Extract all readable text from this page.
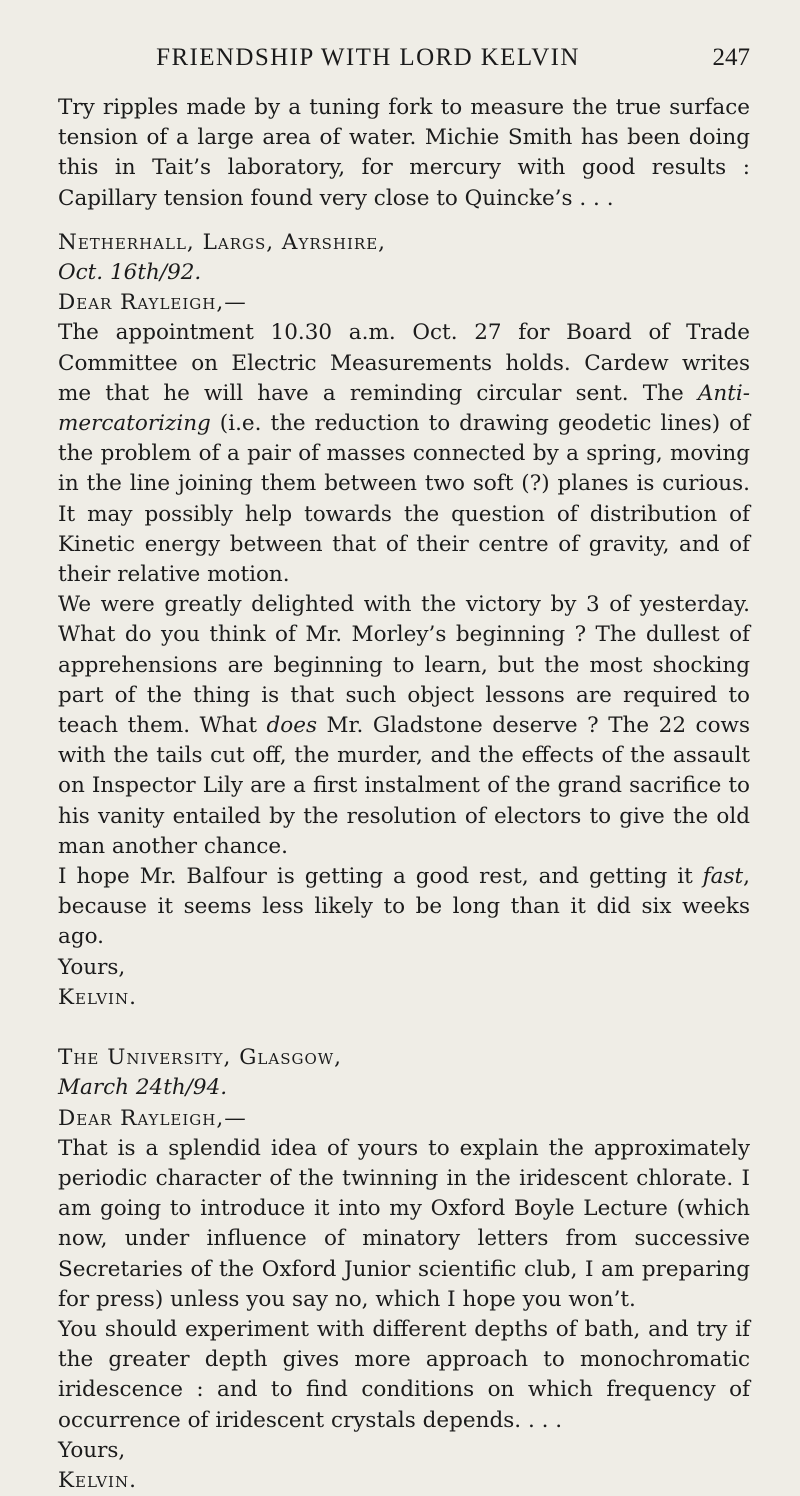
FRIENDSHIP WITH LORD KELVIN	247

Try ripples made by a tuning fork to measure the true surface tension of a large area of water. Michie Smith has been doing this in Tait’s laboratory, for mercury with good results : Capillary tension found very close to Quincke’s . . .

Netherhall, Largs, Ayrshire,

Oct. 16th/92.

Dear Rayleigh,—

The appointment 10.30 a.m. Oct. 27 for Board of Trade Committee on Electric Measurements holds. Cardew writes me that he will have a reminding circular sent. The Anti-mercatorizing (i.e. the reduction to drawing geodetic lines) of the problem of a pair of masses connected by a spring, moving in the line joining them between two soft (?) planes is curious. It may possibly help towards the question of distribution of Kinetic energy between that of their centre of gravity, and of their relative motion.

We were greatly delighted with the victory by 3 of yesterday. What do you think of Mr. Morley’s beginning ? The dullest of apprehensions are beginning to learn, but the most shocking part of the thing is that such object lessons are required to teach them. What does Mr. Gladstone deserve ? The 22 cows with the tails cut off, the murder, and the effects of the assault on Inspector Lily are a first instalment of the grand sacrifice to his vanity entailed by the resolution of electors to give the old man another chance.

I hope Mr. Balfour is getting a good rest, and getting it fast, because it seems less likely to be long than it did six weeks ago.

Yours,

Kelvin.

The University, Glasgow,

March 24th/94.

Dear Rayleigh,—

That is a splendid idea of yours to explain the approximately periodic character of the twinning in the iridescent chlorate. I am going to introduce it into my Oxford Boyle Lecture (which now, under influence of minatory letters from successive Secretaries of the Oxford Junior scientific club, I am preparing for press) unless you say no, which I hope you won’t.

You should experiment with different depths of bath, and try if the greater depth gives more approach to monochromatic iridescence : and to find conditions on which frequency of occurrence of iridescent crystals depends. . . .

Yours,

Kelvin.
